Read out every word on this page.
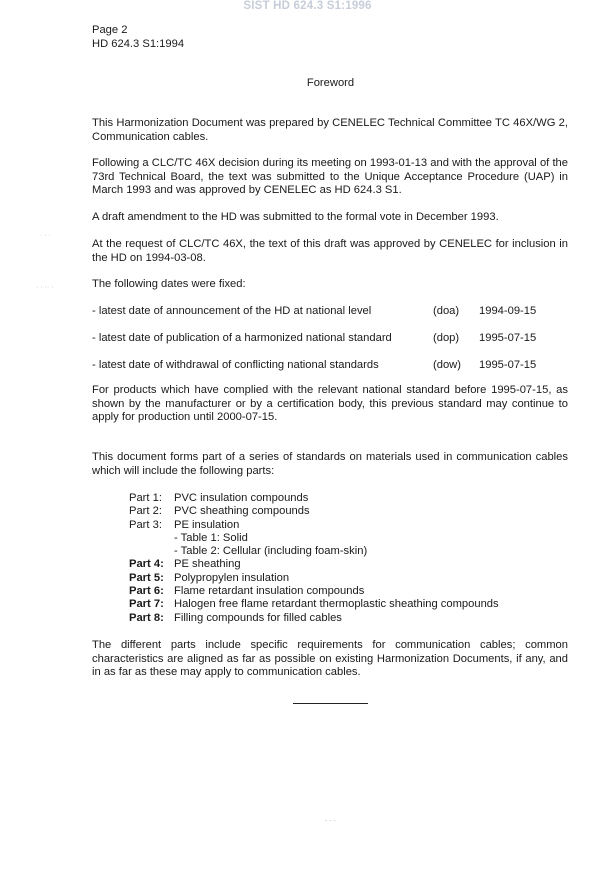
SIST HD 624.3 S1:1996
Page 2
HD 624.3 S1:1994
Foreword
This Harmonization Document was prepared by CENELEC Technical Committee TC 46X/WG 2, Communication cables.
Following a CLC/TC 46X decision during its meeting on 1993-01-13 and with the approval of the 73rd Technical Board, the text was submitted to the Unique Acceptance Procedure (UAP) in March 1993 and was approved by CENELEC as HD 624.3 S1.
A draft amendment to the HD was submitted to the formal vote in December 1993.
At the request of CLC/TC 46X, the text of this draft was approved by CENELEC for inclusion in the HD on 1994-03-08.
The following dates were fixed:
- latest date of announcement of the HD at national level	(doa) 1994-09-15
- latest date of publication of a harmonized national standard	(dop) 1995-07-15
- latest date of withdrawal of conflicting national standards	(dow) 1995-07-15
For products which have complied with the relevant national standard before 1995-07-15, as shown by the manufacturer or by a certification body, this previous standard may continue to apply for production until 2000-07-15.
This document forms part of a series of standards on materials used in communication cables which will include the following parts:
Part 1: PVC insulation compounds
Part 2: PVC sheathing compounds
Part 3: PE insulation
- Table 1: Solid
- Table 2: Cellular (including foam-skin)
Part 4: PE sheathing
Part 5: Polypropylen insulation
Part 6: Flame retardant insulation compounds
Part 7: Halogen free flame retardant thermoplastic sheathing compounds
Part 8: Filling compounds for filled cables
The different parts include specific requirements for communication cables; common characteristics are aligned as far as possible on existing Harmonization Documents, if any, and in as far as these may apply to communication cables.
· · ·
· · ·· ·
- - -
